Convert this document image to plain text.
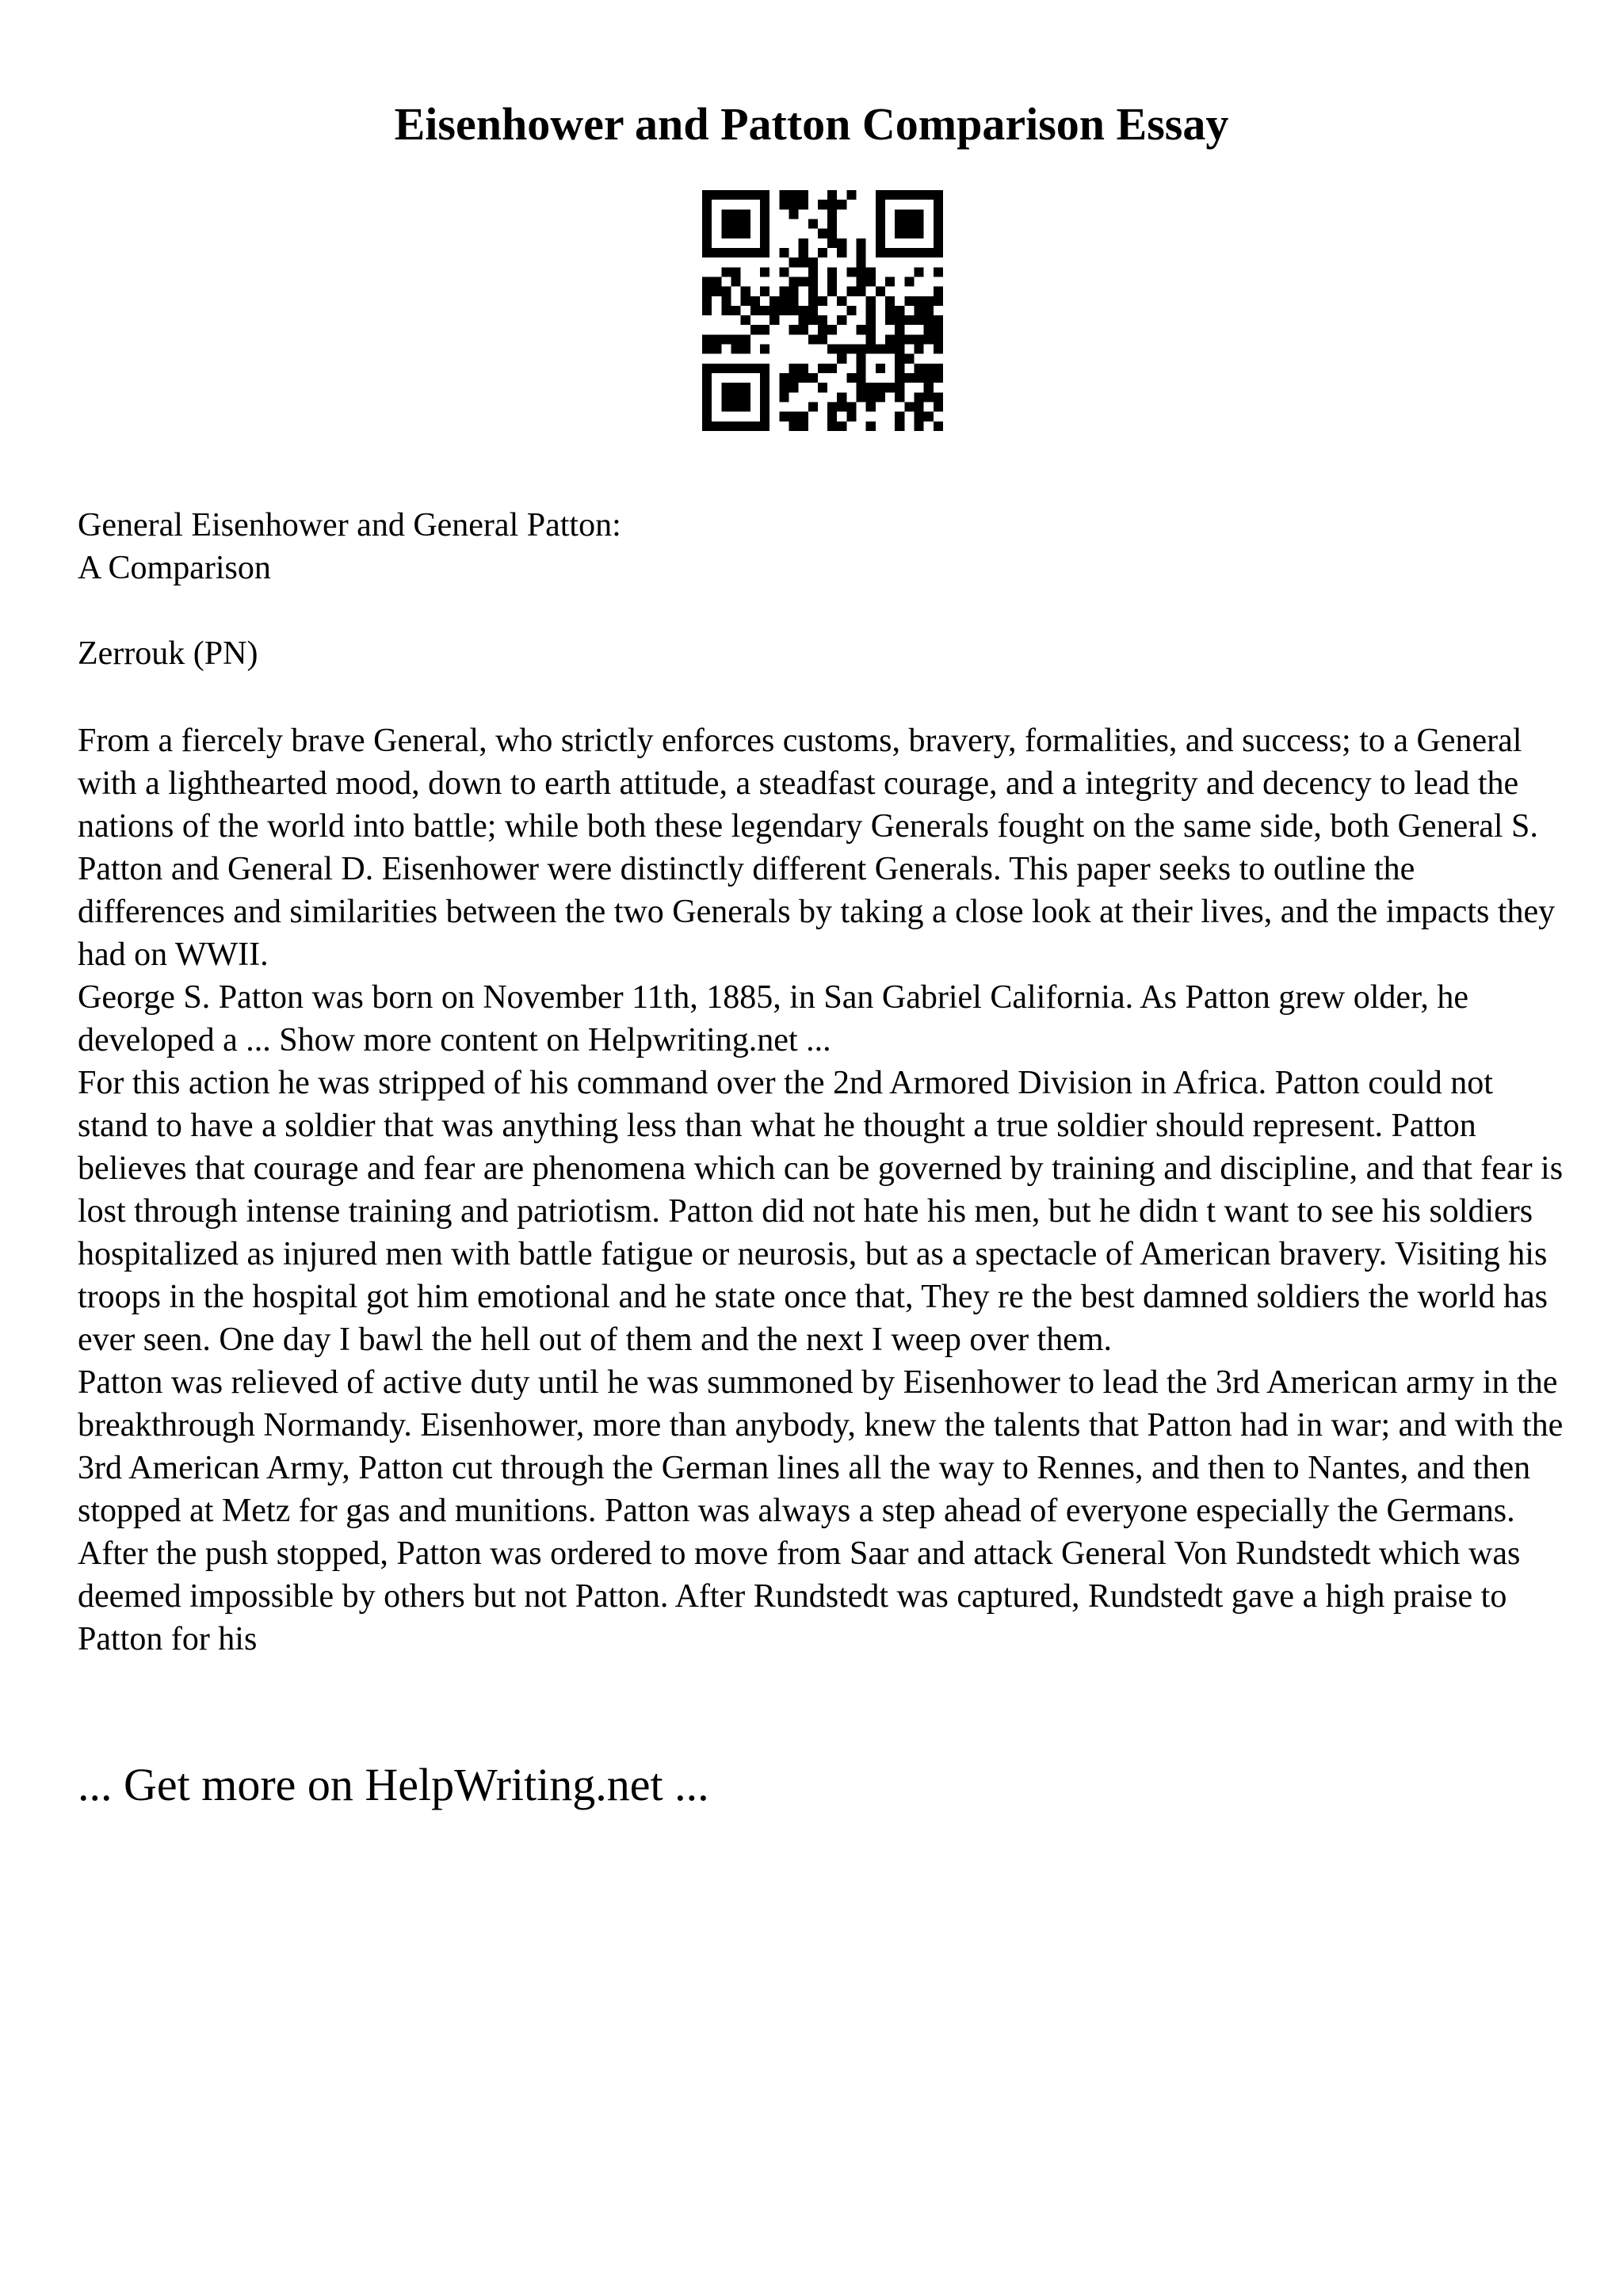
Eisenhower and Patton Comparison Essay

General Eisenhower and General Patton:

A Comparison

Zerrouk (PN)

From a fiercely brave General, who strictly enforces customs, bravery, formalities, and success; to a General with a lighthearted mood, down to earth attitude, a steadfast courage, and a integrity and decency to lead the nations of the world into battle; while both these legendary Generals fought on the same side, both General S. Patton and General D. Eisenhower were distinctly different Generals. This paper seeks to outline the differences and similarities between the two Generals by taking a close look at their lives, and the impacts they had on WWII.

George S. Patton was born on November 11th, 1885, in San Gabriel California. As Patton grew older, he developed a ... Show more content on Helpwriting.net ...

For this action he was stripped of his command over the 2nd Armored Division in Africa. Patton could not stand to have a soldier that was anything less than what he thought a true soldier should represent. Patton believes that courage and fear are phenomena which can be governed by training and discipline, and that fear is lost through intense training and patriotism. Patton did not hate his men, but he didn t want to see his soldiers hospitalized as injured men with battle fatigue or neurosis, but as a spectacle of American bravery. Visiting his troops in the hospital got him emotional and he state once that, They re the best damned soldiers the world has ever seen. One day I bawl the hell out of them and the next I weep over them.

Patton was relieved of active duty until he was summoned by Eisenhower to lead the 3rd American army in the breakthrough Normandy. Eisenhower, more than anybody, knew the talents that Patton had in war; and with the 3rd American Army, Patton cut through the German lines all the way to Rennes, and then to Nantes, and then stopped at Metz for gas and munitions. Patton was always a step ahead of everyone especially the Germans. After the push stopped, Patton was ordered to move from Saar and attack General Von Rundstedt which was deemed impossible by others but not Patton. After Rundstedt was captured, Rundstedt gave a high praise to Patton for his

... Get more on HelpWriting.net ...
